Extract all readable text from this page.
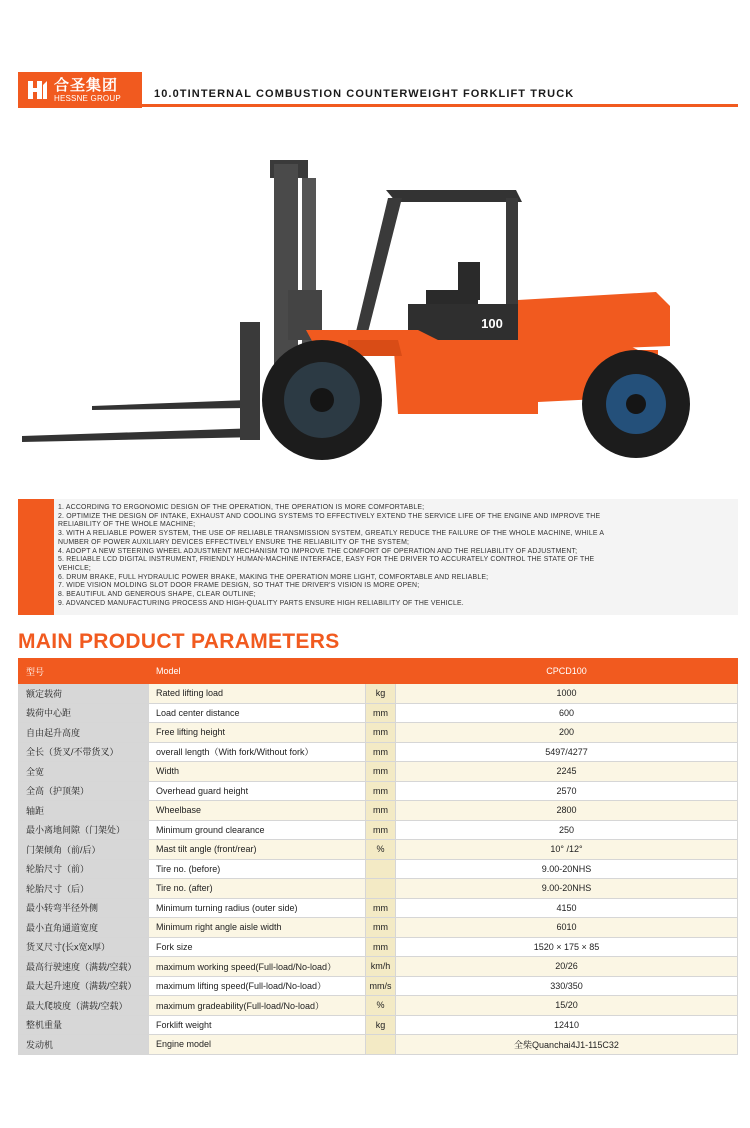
合圣集团
HESSNE GROUP	10.0TINTERNAL COMBUSTION COUNTERWEIGHT FORKLIFT TRUCK
100
1. ACCORDING TO ERGONOMIC DESIGN OF THE OPERATION, THE OPERATION IS MORE COMFORTABLE;
2. OPTIMIZE THE DESIGN OF INTAKE, EXHAUST AND COOLING SYSTEMS TO EFFECTIVELY EXTEND THE SERVICE LIFE OF THE ENGINE AND IMPROVE THE
RELIABILITY OF THE WHOLE MACHINE;
3. WITH A RELIABLE POWER SYSTEM, THE USE OF RELIABLE TRANSMISSION SYSTEM, GREATLY REDUCE THE FAILURE OF THE WHOLE MACHINE, WHILE A
NUMBER OF POWER AUXILIARY DEVICES EFFECTIVELY ENSURE THE RELIABILITY OF THE SYSTEM;
4. ADOPT A NEW STEERING WHEEL ADJUSTMENT MECHANISM TO IMPROVE THE COMFORT OF OPERATION AND THE RELIABILITY OF ADJUSTMENT;
5. RELIABLE LCD DIGITAL INSTRUMENT, FRIENDLY HUMAN-MACHINE INTERFACE, EASY FOR THE DRIVER TO ACCURATELY CONTROL THE STATE OF THE
VEHICLE;
6. DRUM BRAKE, FULL HYDRAULIC POWER BRAKE, MAKING THE OPERATION MORE LIGHT, COMFORTABLE AND RELIABLE;
7. WIDE VISION MOLDING SLOT DOOR FRAME DESIGN, SO THAT THE DRIVER'S VISION IS MORE OPEN;
8. BEAUTIFUL AND GENEROUS SHAPE, CLEAR OUTLINE;
9. ADVANCED MANUFACTURING PROCESS AND HIGH-QUALITY PARTS ENSURE HIGH RELIABILITY OF THE VEHICLE.
MAIN PRODUCT PARAMETERS
型号	Model		CPCD100
额定载荷	Rated lifting load	kg	1000
载荷中心距	Load center distance	mm	600
自由起升高度	Free lifting height	mm	200
全长（货叉/不带货叉）	overall length（With fork/Without fork）	mm	5497/4277
全宽	Width	mm	2245
全高（护顶架）	Overhead guard height	mm	2570
轴距	Wheelbase	mm	2800
最小离地间隙（门架处）	Minimum ground clearance	mm	250
门架倾角（前/后）	Mast tilt angle (front/rear)	%	10° /12°
轮胎尺寸（前）	Tire no. (before)		9.00-20NHS
轮胎尺寸（后）	Tire no. (after)		9.00-20NHS
最小转弯半径外侧	Minimum turning radius (outer side)	mm	4150
最小直角通道宽度	Minimum right angle aisle width	mm	6010
货叉尺寸(长x宽x厚）	Fork size	mm	1520 × 175 × 85
最高行驶速度（满载/空载）	maximum working speed(Full-load/No-load）	km/h	20/26
最大起升速度（满载/空载）	maximum lifting speed(Full-load/No-load）	mm/s	330/350
最大爬坡度（满载/空载）	maximum gradeability(Full-load/No-load）	%	15/20
整机重量	Forklift weight	kg	12410
发动机	Engine model		全柴Quanchai4J1-115C32
